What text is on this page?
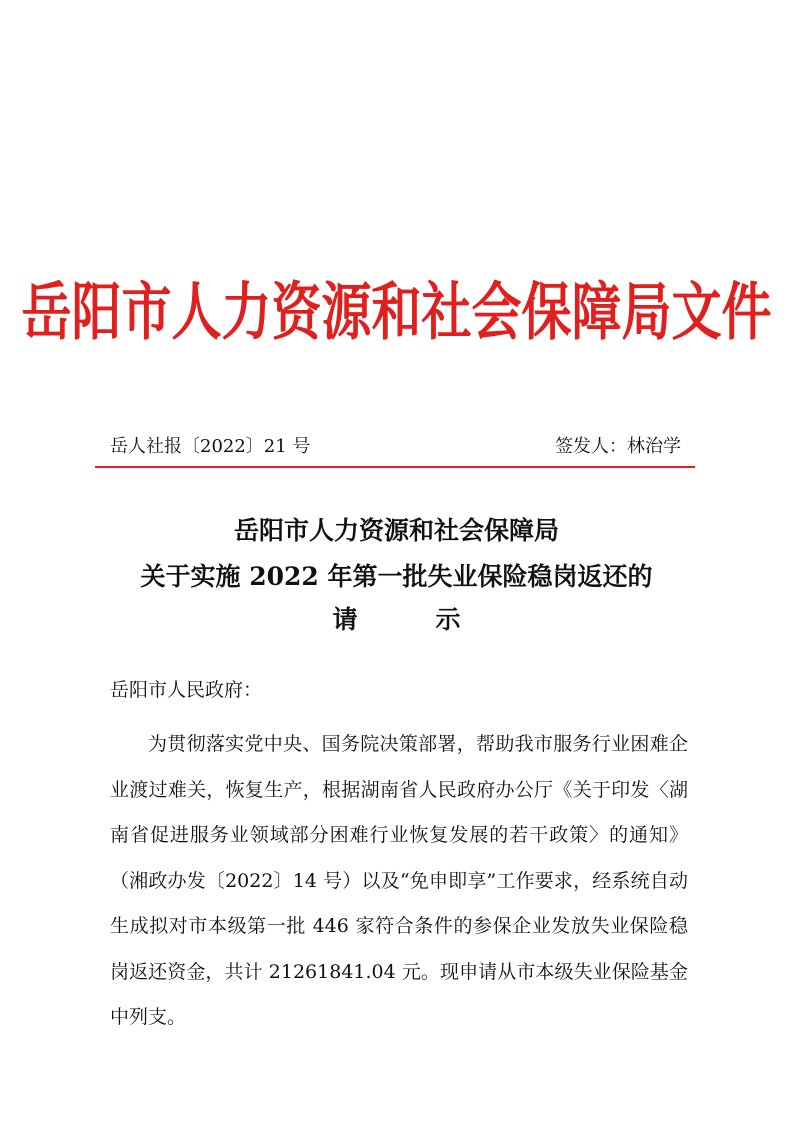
岳阳市人力资源和社会保障局文件
岳人社报〔2022〕21 号	签发人：林治学
岳阳市人力资源和社会保障局
关于实施 2022 年第一批失业保险稳岗返还的
请示
岳阳市人民政府：

为贯彻落实党中央、国务院决策部署，帮助我市服务行业困难企业渡过难关，恢复生产，根据湖南省人民政府办公厅《关于印发〈湖南省促进服务业领域部分困难行业恢复发展的若干政策〉的通知》（湘政办发〔2022〕14 号）以及“免申即享”工作要求，经系统自动生成拟对市本级第一批 446 家符合条件的参保企业发放失业保险稳岗返还资金，共计 21261841.04 元。现申请从市本级失业保险基金中列支。
